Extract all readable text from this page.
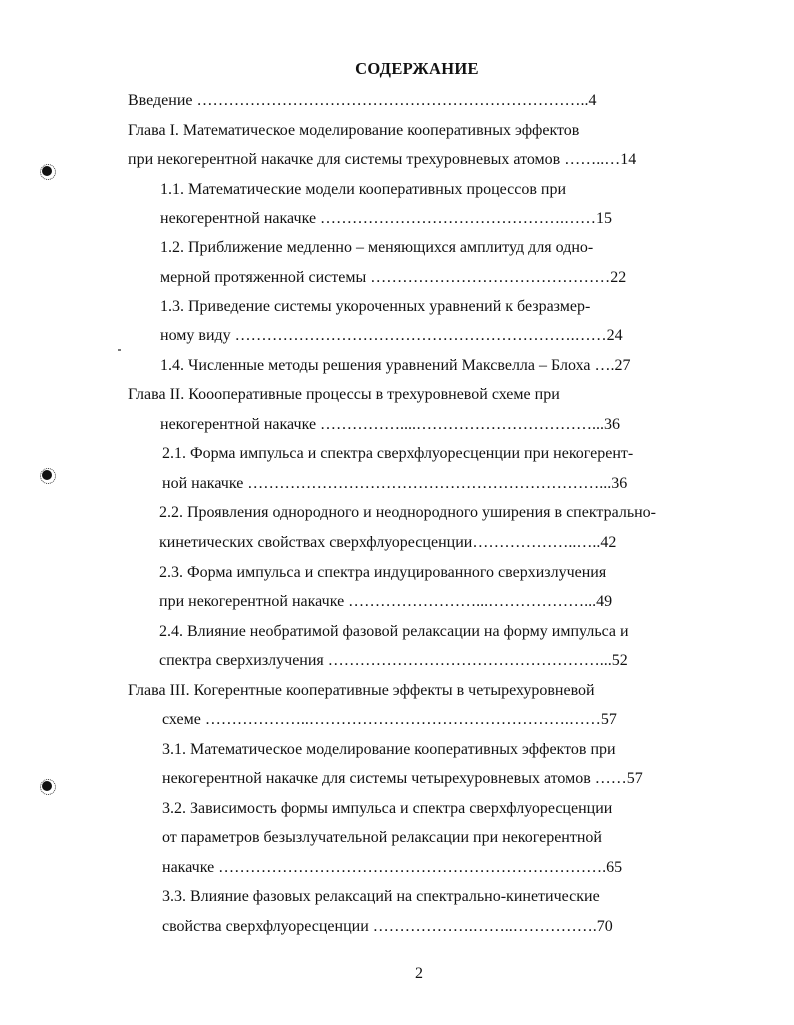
СОДЕРЖАНИЕ
Введение ………………………………………………………………..4
Глава I. Математическое моделирование кооперативных эффектов
при некогерентной накачке для системы трехуровневых атомов ……..…14
1.1. Математические модели кооперативных процессов при
некогерентной накачке ……………………………………….……15
1.2. Приближение медленно – меняющихся амплитуд для одно-
мерной протяженной системы ………………………………………22
1.3. Приведение системы укороченных уравнений к безразмер-
ному виду ……………………………………………………….……24
1.4. Численные методы решения уравнений Максвелла – Блоха ….27
Глава II. Коооперативные процессы в трехуровневой схеме при
некогерентной накачке ……………....……………………………...36
2.1. Форма импульса и спектра сверхфлуоресценции при некогерент-
ной накачке …………………………………………………………...36
2.2. Проявления однородного и неоднородного уширения в спектрально-
кинетических свойствах сверхфлуоресценции………………..…..42
2.3. Форма импульса и спектра индуцированного сверхизлучения
при некогерентной накачке ……………………...………………...49
2.4. Влияние необратимой фазовой релаксации на форму импульса и
спектра сверхизлучения ……………………………………………...52
Глава III. Когерентные кооперативные эффекты в четырехуровневой
схеме ………………..………………………………………….……57
3.1. Математическое моделирование кооперативных эффектов при
некогерентной накачке для системы четырехуровневых атомов ……57
3.2. Зависимость формы импульса и спектра сверхфлуоресценции
от параметров безызлучательной релаксации при некогерентной
накачке ……………………………………………………………….65
3.3. Влияние фазовых релаксаций на спектрально-кинетические
свойства сверхфлуоресценции ……………….……..…………….70
2
